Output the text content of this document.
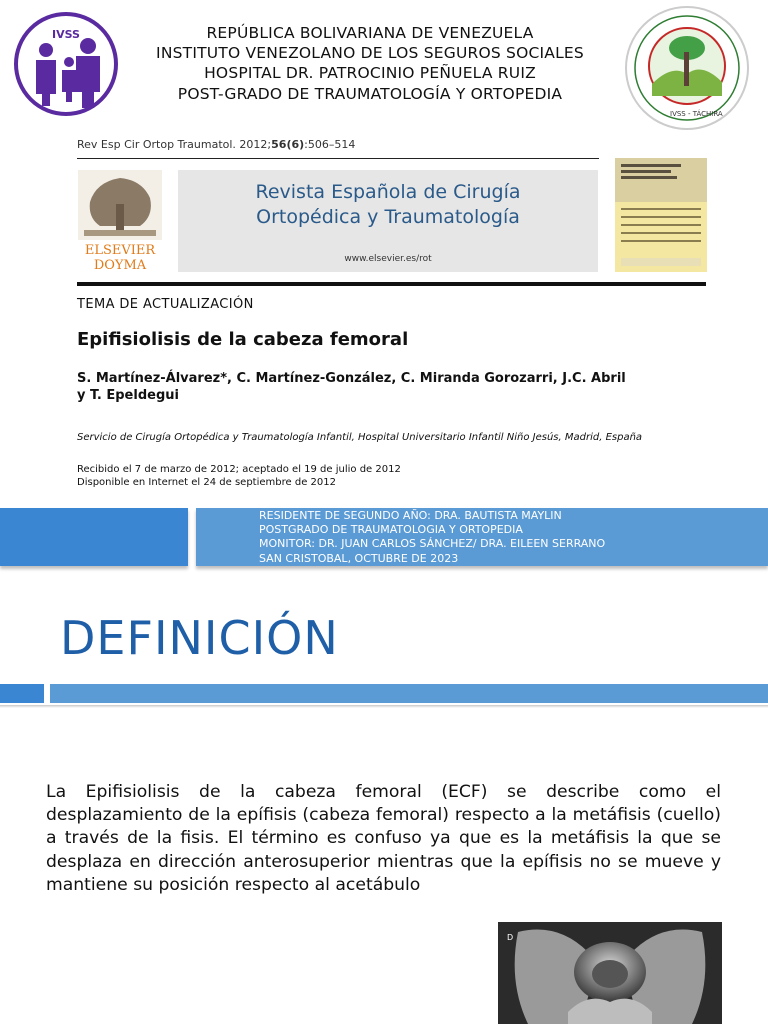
IVSS	REPÚBLICA BOLIVARIANA DE VENEZUELA
INSTITUTO VENEZOLANO DE LOS SEGUROS SOCIALES
HOSPITAL DR. PATROCINIO PEÑUELA RUIZ
POST-GRADO DE TRAUMATOLOGÍA Y ORTOPEDIA
IVSS - TÁCHIRA
Rev Esp Cir Ortop Traumatol. 2012;56(6):506–514
ELSEVIER
DOYMA
Revista Española de Cirugía
Ortopédica y Traumatología
www.elsevier.es/rot
TEMA DE ACTUALIZACIÓN
Epifisiolisis de la cabeza femoral
S. Martínez-Álvarez*, C. Martínez-González, C. Miranda Gorozarri, J.C. Abril y T. Epeldegui
Servicio de Cirugía Ortopédica y Traumatología Infantil, Hospital Universitario Infantil Niño Jesús, Madrid, España
Recibido el 7 de marzo de 2012; aceptado el 19 de julio de 2012
Disponible en Internet el 24 de septiembre de 2012
RESIDENTE DE SEGUNDO AÑO: DRA. BAUTISTA MAYLIN
POSTGRADO DE TRAUMATOLOGIA Y ORTOPEDIA
MONITOR: DR. JUAN CARLOS SÁNCHEZ/ DRA. EILEEN SERRANO
SAN CRISTOBAL, OCTUBRE DE 2023
DEFINICIÓN
La Epifisiolisis de la cabeza femoral (ECF) se describe como el desplazamiento de la epífisis (cabeza femoral) respecto a la metáfisis (cuello) a través de la fisis. El término es confuso ya que es la metáfisis la que se desplaza en dirección anterosuperior mientras que la epífisis no se mueve y mantiene su posición respecto al acetábulo
D
